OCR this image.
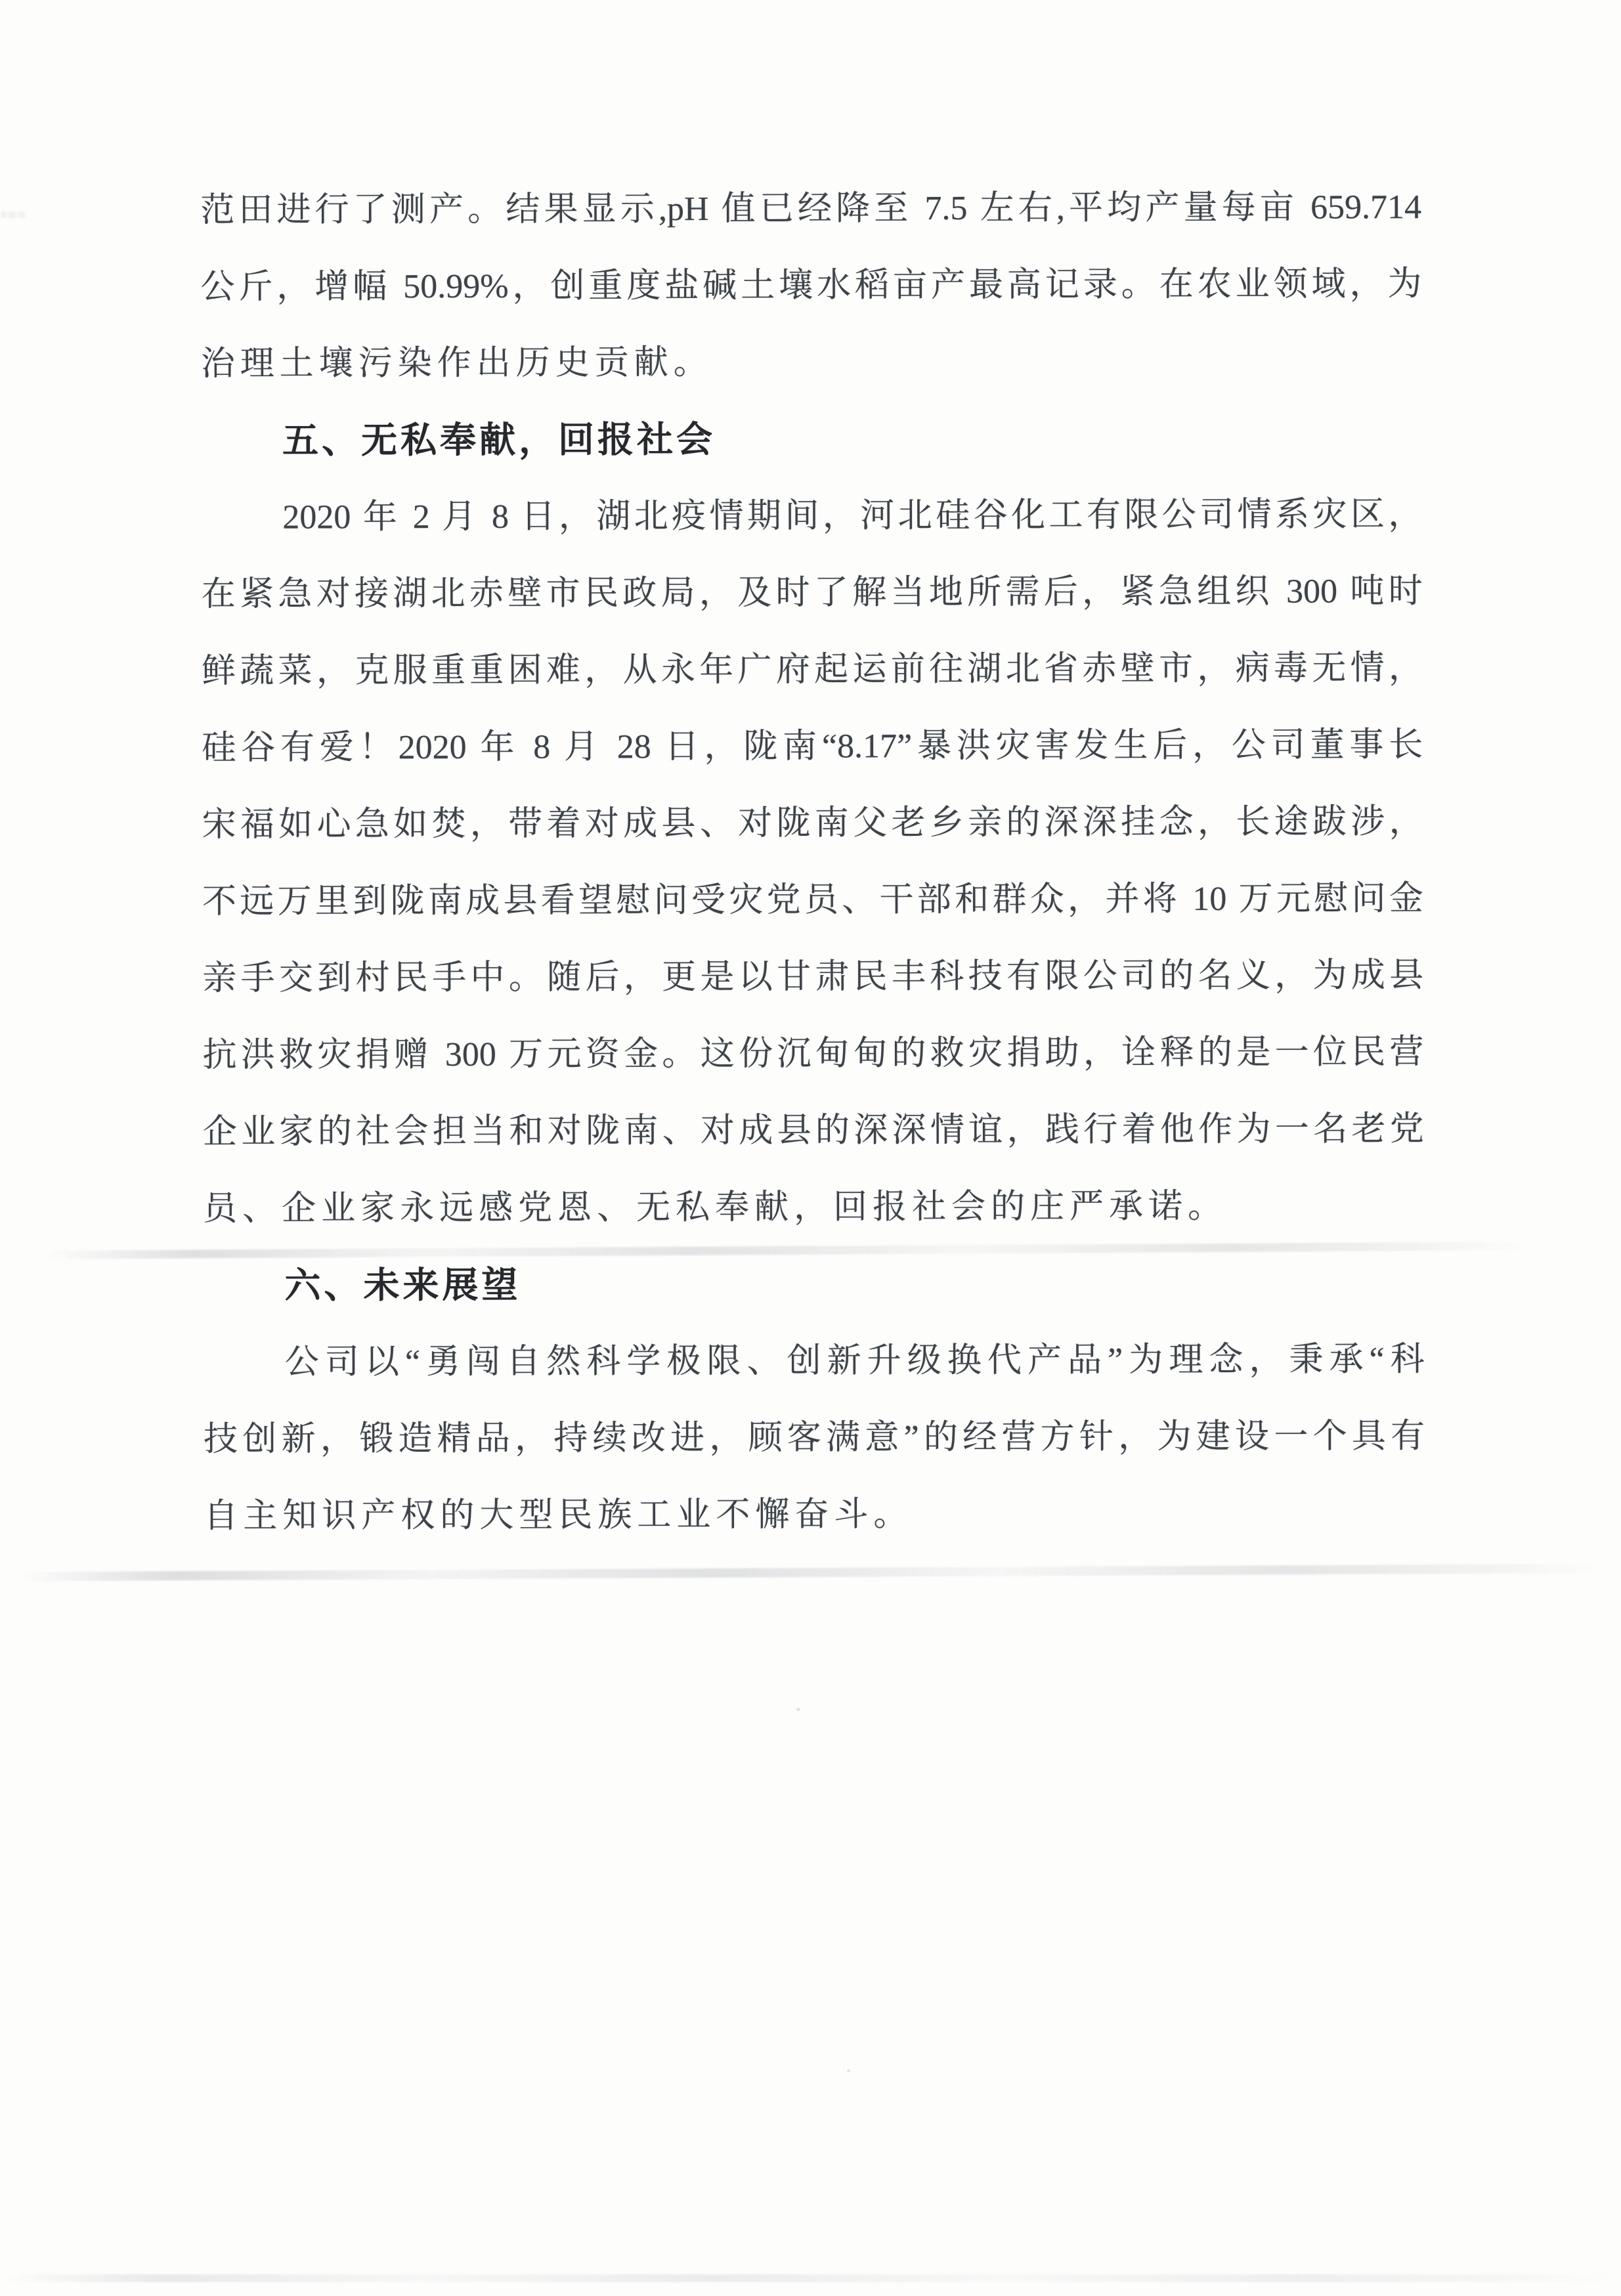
范田进行了测产。结果显示,pH 值已经降至 7.5 左右,平均产量每亩 659.714
公斤，增幅 50.99%，创重度盐碱土壤水稻亩产最高记录。在农业领域，为
治理土壤污染作出历史贡献。
五、无私奉献，回报社会
2020 年 2 月 8 日，湖北疫情期间，河北硅谷化工有限公司情系灾区，
在紧急对接湖北赤壁市民政局，及时了解当地所需后，紧急组织 300 吨时
鲜蔬菜，克服重重困难，从永年广府起运前往湖北省赤壁市，病毒无情，
硅谷有爱！2020 年 8 月 28 日，陇南“8.17”暴洪灾害发生后，公司董事长
宋福如心急如焚，带着对成县、对陇南父老乡亲的深深挂念，长途跋涉，
不远万里到陇南成县看望慰问受灾党员、干部和群众，并将 10 万元慰问金
亲手交到村民手中。随后，更是以甘肃民丰科技有限公司的名义，为成县
抗洪救灾捐赠 300 万元资金。这份沉甸甸的救灾捐助，诠释的是一位民营
企业家的社会担当和对陇南、对成县的深深情谊，践行着他作为一名老党
员、企业家永远感党恩、无私奉献，回报社会的庄严承诺。
六、未来展望
公司以“勇闯自然科学极限、创新升级换代产品”为理念，秉承“科
技创新，锻造精品，持续改进，顾客满意”的经营方针，为建设一个具有
自主知识产权的大型民族工业不懈奋斗。
